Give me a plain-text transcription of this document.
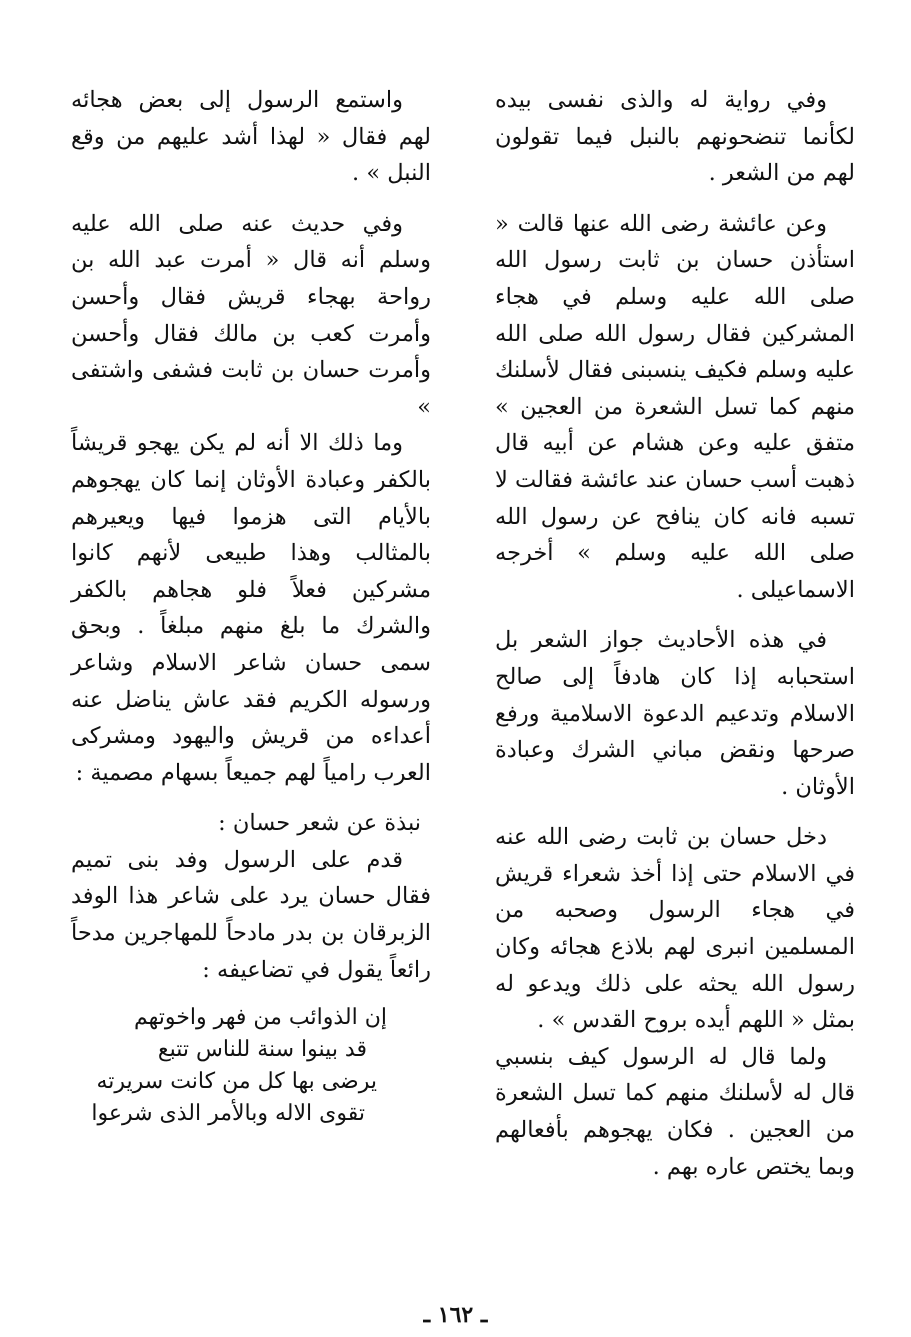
وفي رواية له والذى نفسى بيده لكأنما تنضحونهم بالنبل فيما تقولون لهم من الشعر .

وعن عائشة رضى الله عنها قالت « استأذن حسان بن ثابت رسول الله صلى الله عليه وسلم في هجاء المشركين فقال رسول الله صلى الله عليه وسلم فكيف ينسبنى فقال لأسلنك منهم كما تسل الشعرة من العجين » متفق عليه وعن هشام عن أبيه قال ذهبت أسب حسان عند عائشة فقالت لا تسبه فانه كان ينافح عن رسول الله صلى الله عليه وسلم » أخرجه الاسماعيلى .

في هذه الأحاديث جواز الشعر بل استحبابه إذا كان هادفاً إلى صالح الاسلام وتدعيم الدعوة الاسلامية ورفع صرحها ونقض مباني الشرك وعبادة الأوثان .

دخل حسان بن ثابت رضى الله عنه في الاسلام حتى إذا أخذ شعراء قريش في هجاء الرسول وصحبه من المسلمين انبرى لهم بلاذع هجائه وكان رسول الله يحثه على ذلك ويدعو له بمثل « اللهم أيده بروح القدس » .

ولما قال له الرسول كيف بنسبي قال له لأسلنك منهم كما تسل الشعرة من العجين . فكان يهجوهم بأفعالهم وبما يختص عاره بهم .

واستمع الرسول إلى بعض هجائه لهم فقال « لهذا أشد عليهم من وقع النبل » .

وفي حديث عنه صلى الله عليه وسلم أنه قال « أمرت عبد الله بن رواحة بهجاء قريش فقال وأحسن وأمرت كعب بن مالك فقال وأحسن وأمرت حسان بن ثابت فشفى واشتفى »

وما ذلك الا أنه لم يكن يهجو قريشاً بالكفر وعبادة الأوثان إنما كان يهجوهم بالأيام التى هزموا فيها ويعيرهم بالمثالب وهذا طبيعى لأنهم كانوا مشركين فعلاً فلو هجاهم بالكفر والشرك ما بلغ منهم مبلغاً . وبحق سمى حسان شاعر الاسلام وشاعر ورسوله الكريم فقد عاش يناضل عنه أعداءه من قريش واليهود ومشركى العرب رامياً لهم جميعاً بسهام مصمية :

نبذة عن شعر حسان :

قدم على الرسول وفد بنى تميم فقال حسان يرد على شاعر هذا الوفد الزبرقان بن بدر مادحاً للمهاجرين مدحاً رائعاً يقول في تضاعيفه :

إن الذوائب من فهر واخوتهم

قد بينوا سنة للناس تتبع

يرضى بها كل من كانت سريرته

تقوى الاله وبالأمر الذى شرعوا

ـ ١٦٢ ـ
